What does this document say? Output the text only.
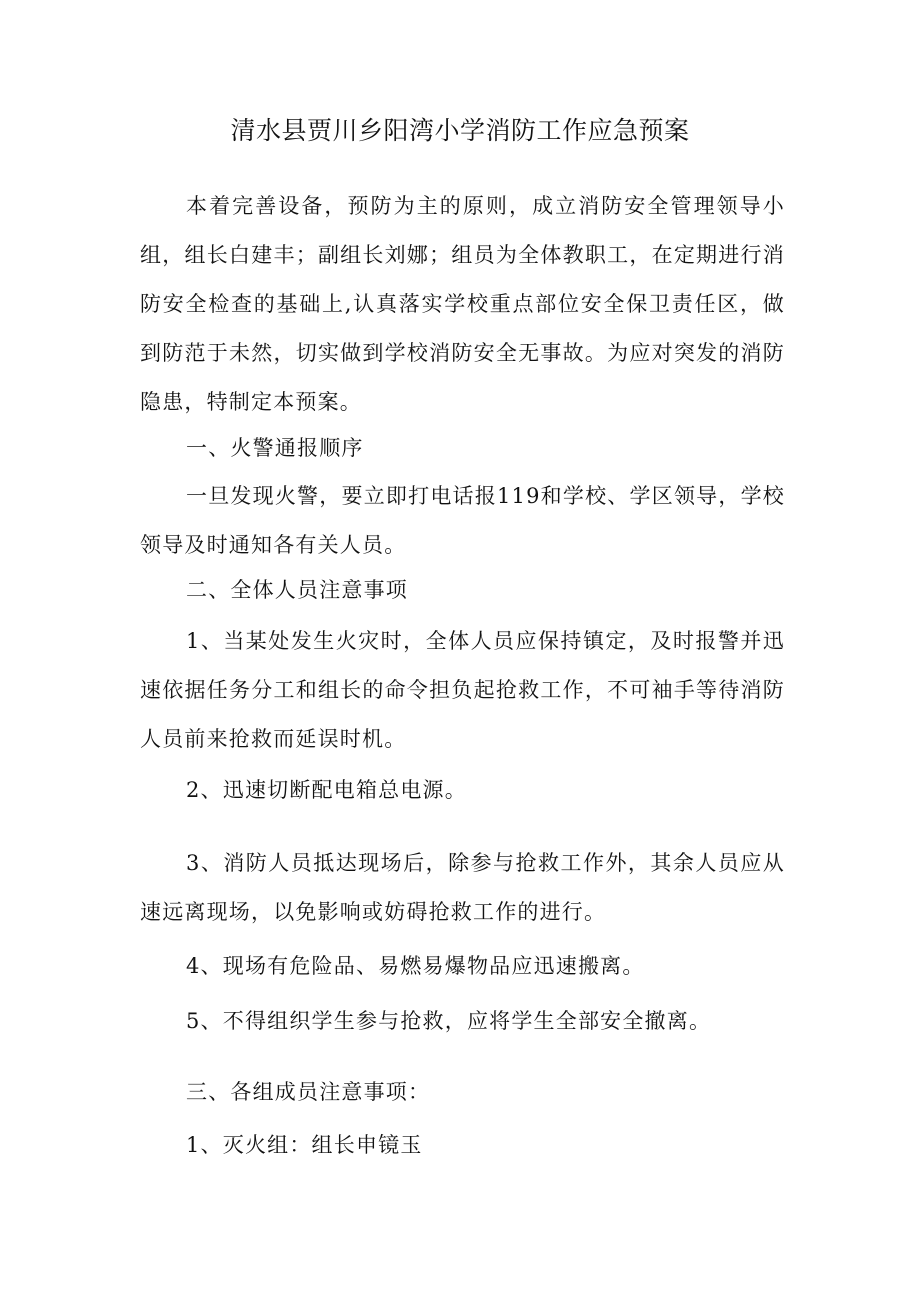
清水县贾川乡阳湾小学消防工作应急预案

本着完善设备，预防为主的原则，成立消防安全管理领导小组，组长白建丰；副组长刘娜；组员为全体教职工，在定期进行消防安全检查的基础上,认真落实学校重点部位安全保卫责任区，做到防范于未然，切实做到学校消防安全无事故。为应对突发的消防隐患，特制定本预案。

一、火警通报顺序

一旦发现火警，要立即打电话报119和学校、学区领导，学校领导及时通知各有关人员。

二、全体人员注意事项

1、当某处发生火灾时，全体人员应保持镇定，及时报警并迅速依据任务分工和组长的命令担负起抢救工作，不可袖手等待消防人员前来抢救而延误时机。

2、迅速切断配电箱总电源。

3、消防人员抵达现场后，除参与抢救工作外，其余人员应从速远离现场，以免影响或妨碍抢救工作的进行。

4、现场有危险品、易燃易爆物品应迅速搬离。

5、不得组织学生参与抢救，应将学生全部安全撤离。

三、各组成员注意事项：

1、灭火组：组长申镜玉
